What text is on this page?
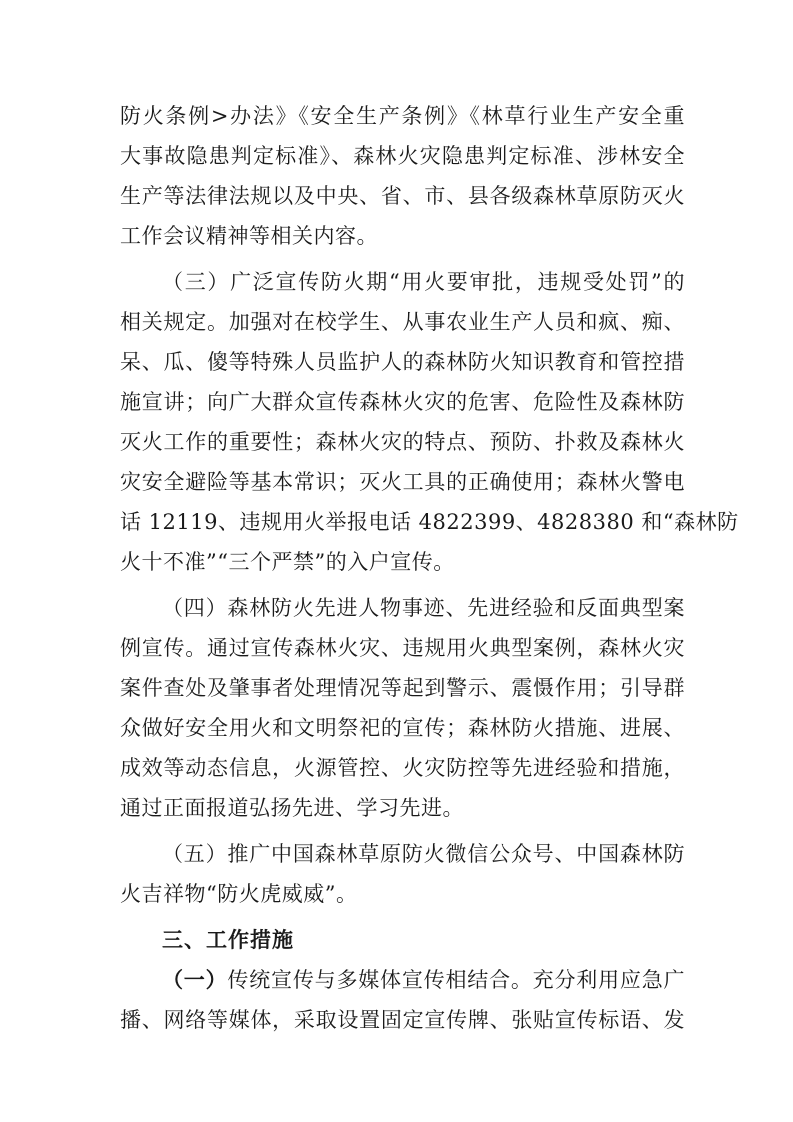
防火条例>办法》《安全生产条例》《林草行业生产安全重
大事故隐患判定标准》、森林火灾隐患判定标准、涉林安全
生产等法律法规以及中央、省、市、县各级森林草原防灭火
工作会议精神等相关内容。
（三）广泛宣传防火期“用火要审批，违规受处罚”的
相关规定。加强对在校学生、从事农业生产人员和疯、痴、
呆、瓜、傻等特殊人员监护人的森林防火知识教育和管控措
施宣讲；向广大群众宣传森林火灾的危害、危险性及森林防
灭火工作的重要性；森林火灾的特点、预防、扑救及森林火
灾安全避险等基本常识；灭火工具的正确使用；森林火警电
话 12119、违规用火举报电话 4822399、4828380 和“森林防
火十不准”“三个严禁”的入户宣传。
（四）森林防火先进人物事迹、先进经验和反面典型案
例宣传。通过宣传森林火灾、违规用火典型案例，森林火灾
案件查处及肇事者处理情况等起到警示、震慑作用；引导群
众做好安全用火和文明祭祀的宣传；森林防火措施、进展、
成效等动态信息，火源管控、火灾防控等先进经验和措施，
通过正面报道弘扬先进、学习先进。
（五）推广中国森林草原防火微信公众号、中国森林防
火吉祥物“防火虎威威”。
三、工作措施
（一）传统宣传与多媒体宣传相结合。充分利用应急广
播、网络等媒体，采取设置固定宣传牌、张贴宣传标语、发
